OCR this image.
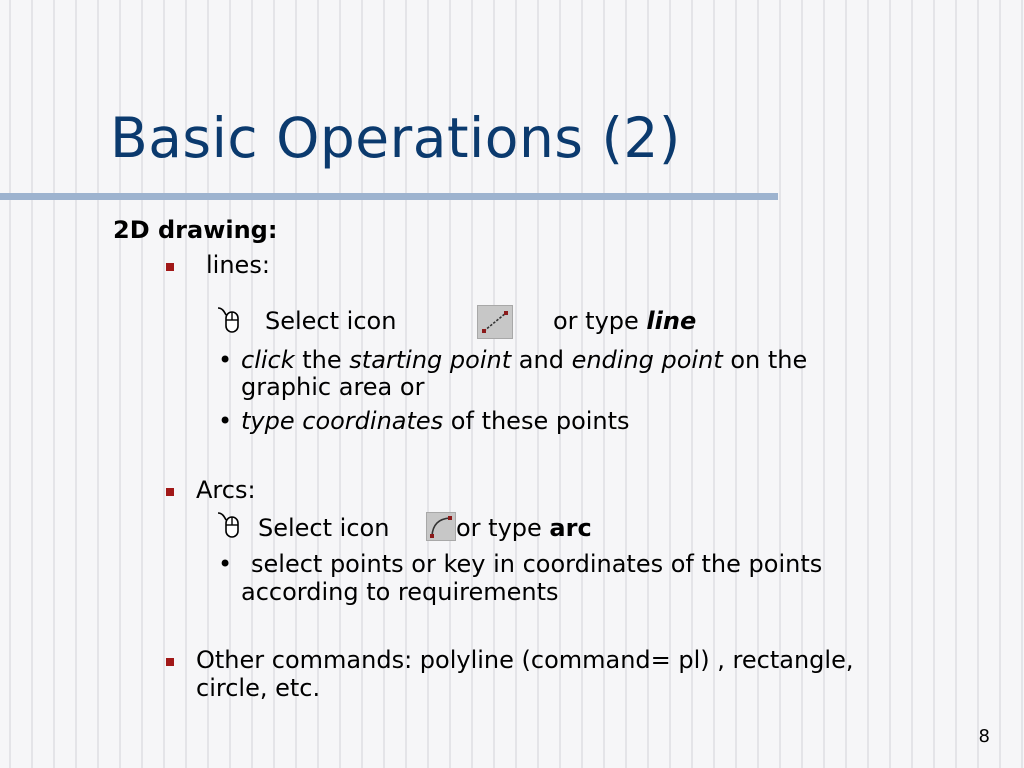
Basic Operations (2)
2D drawing:
lines:
Select icon	or type line
• click the starting point and ending point on the
graphic area or
• type coordinates of these points
Arcs:
Select icon	or type arc
• select points or key in coordinates of the points
according to requirements
Other commands: polyline (command= pl) , rectangle,
circle, etc.
8
